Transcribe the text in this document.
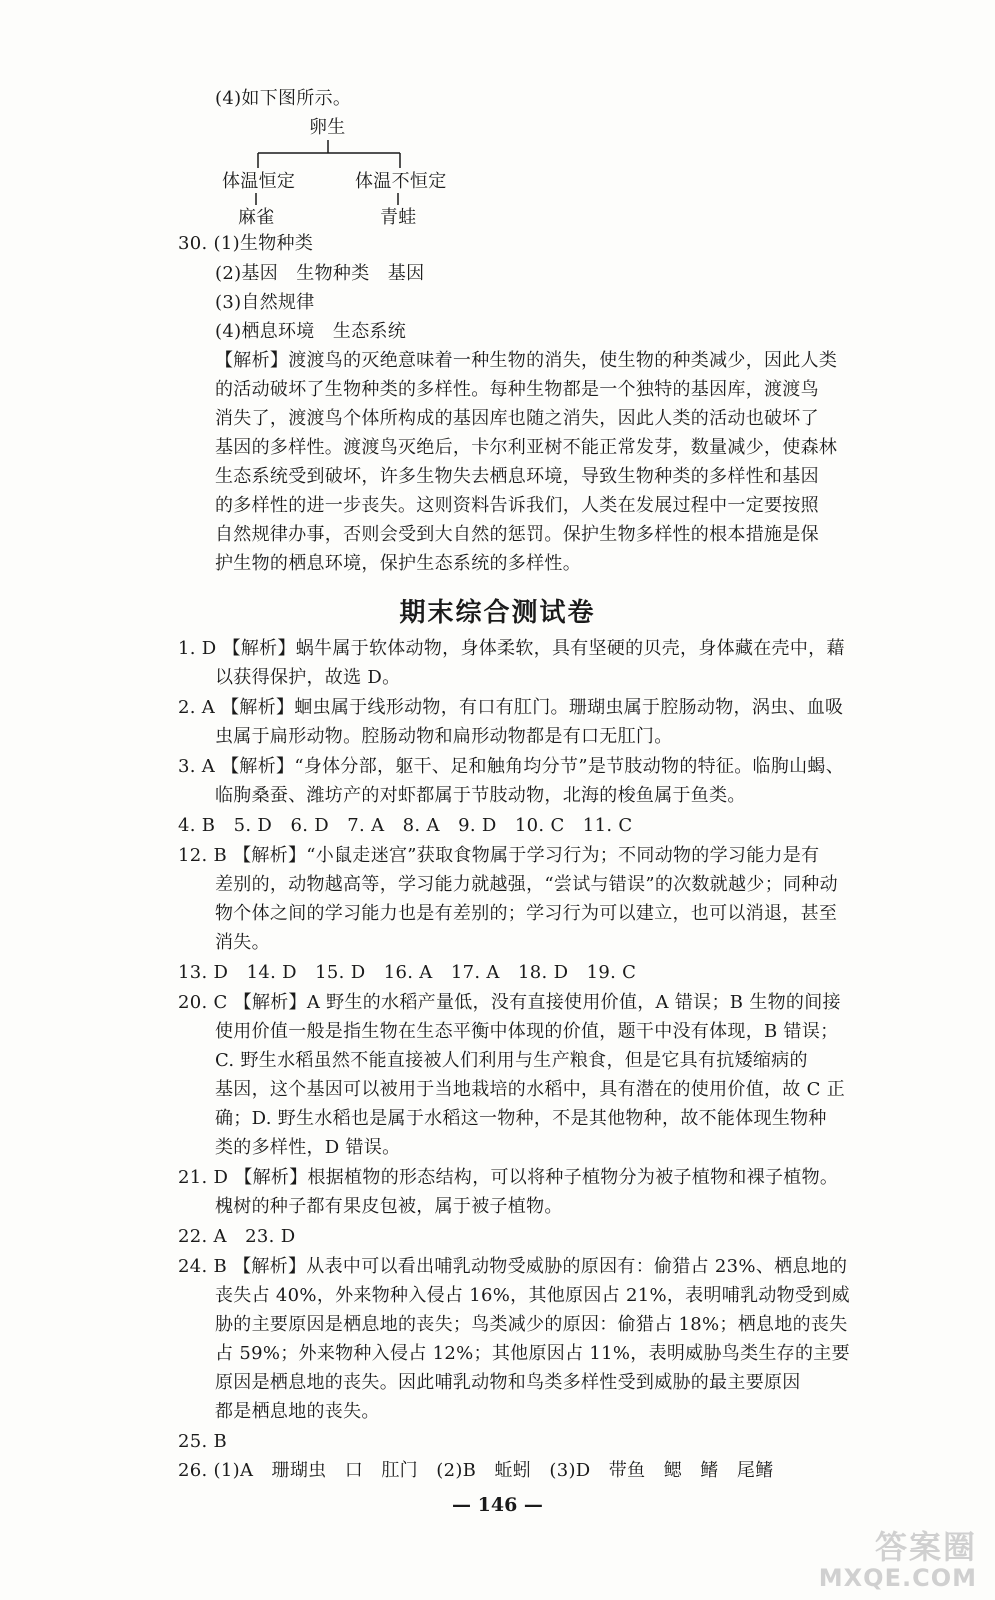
(4)如下图所示。
卵生
体温恒定	体温不恒定
麻雀	青蛙
30. (1)生物种类
(2)基因　生物种类　基因
(3)自然规律
(4)栖息环境　生态系统
【解析】渡渡鸟的灭绝意味着一种生物的消失，使生物的种类减少，因此人类
的活动破坏了生物种类的多样性。每种生物都是一个独特的基因库，渡渡鸟
消失了，渡渡鸟个体所构成的基因库也随之消失，因此人类的活动也破坏了
基因的多样性。渡渡鸟灭绝后，卡尔利亚树不能正常发芽，数量减少，使森林
生态系统受到破坏，许多生物失去栖息环境，导致生物种类的多样性和基因
的多样性的进一步丧失。这则资料告诉我们，人类在发展过程中一定要按照
自然规律办事，否则会受到大自然的惩罚。保护生物多样性的根本措施是保
护生物的栖息环境，保护生态系统的多样性。
期末综合测试卷
1. D 【解析】蜗牛属于软体动物，身体柔软，具有坚硬的贝壳，身体藏在壳中，藉
以获得保护，故选 D。
2. A 【解析】蛔虫属于线形动物，有口有肛门。珊瑚虫属于腔肠动物，涡虫、血吸
虫属于扁形动物。腔肠动物和扁形动物都是有口无肛门。
3. A 【解析】“身体分部，躯干、足和触角均分节”是节肢动物的特征。临朐山蝎、
临朐桑蚕、潍坊产的对虾都属于节肢动物，北海的梭鱼属于鱼类。
4. B　5. D　6. D　7. A　8. A　9. D　10. C　11. C
12. B 【解析】“小鼠走迷宫”获取食物属于学习行为；不同动物的学习能力是有
差别的，动物越高等，学习能力就越强，“尝试与错误”的次数就越少；同种动
物个体之间的学习能力也是有差别的；学习行为可以建立，也可以消退，甚至
消失。
13. D　14. D　15. D　16. A　17. A　18. D　19. C
20. C 【解析】A 野生的水稻产量低，没有直接使用价值，A 错误；B 生物的间接
使用价值一般是指生物在生态平衡中体现的价值，题干中没有体现，B 错误；
C. 野生水稻虽然不能直接被人们利用与生产粮食，但是它具有抗矮缩病的
基因，这个基因可以被用于当地栽培的水稻中，具有潜在的使用价值，故 C 正
确；D. 野生水稻也是属于水稻这一物种，不是其他物种，故不能体现生物种
类的多样性，D 错误。
21. D 【解析】根据植物的形态结构，可以将种子植物分为被子植物和裸子植物。
槐树的种子都有果皮包被，属于被子植物。
22. A　23. D
24. B 【解析】从表中可以看出哺乳动物受威胁的原因有：偷猎占 23%、栖息地的
丧失占 40%，外来物种入侵占 16%，其他原因占 21%，表明哺乳动物受到威
胁的主要原因是栖息地的丧失；鸟类减少的原因：偷猎占 18%；栖息地的丧失
占 59%；外来物种入侵占 12%；其他原因占 11%，表明威胁鸟类生存的主要
原因是栖息地的丧失。因此哺乳动物和鸟类多样性受到威胁的最主要原因
都是栖息地的丧失。
25. B
26. (1)A　珊瑚虫　口　肛门　(2)B　蚯蚓　(3)D　带鱼　鳃　鳍　尾鳍
— 146 —
答案圈
MXQE.COM
